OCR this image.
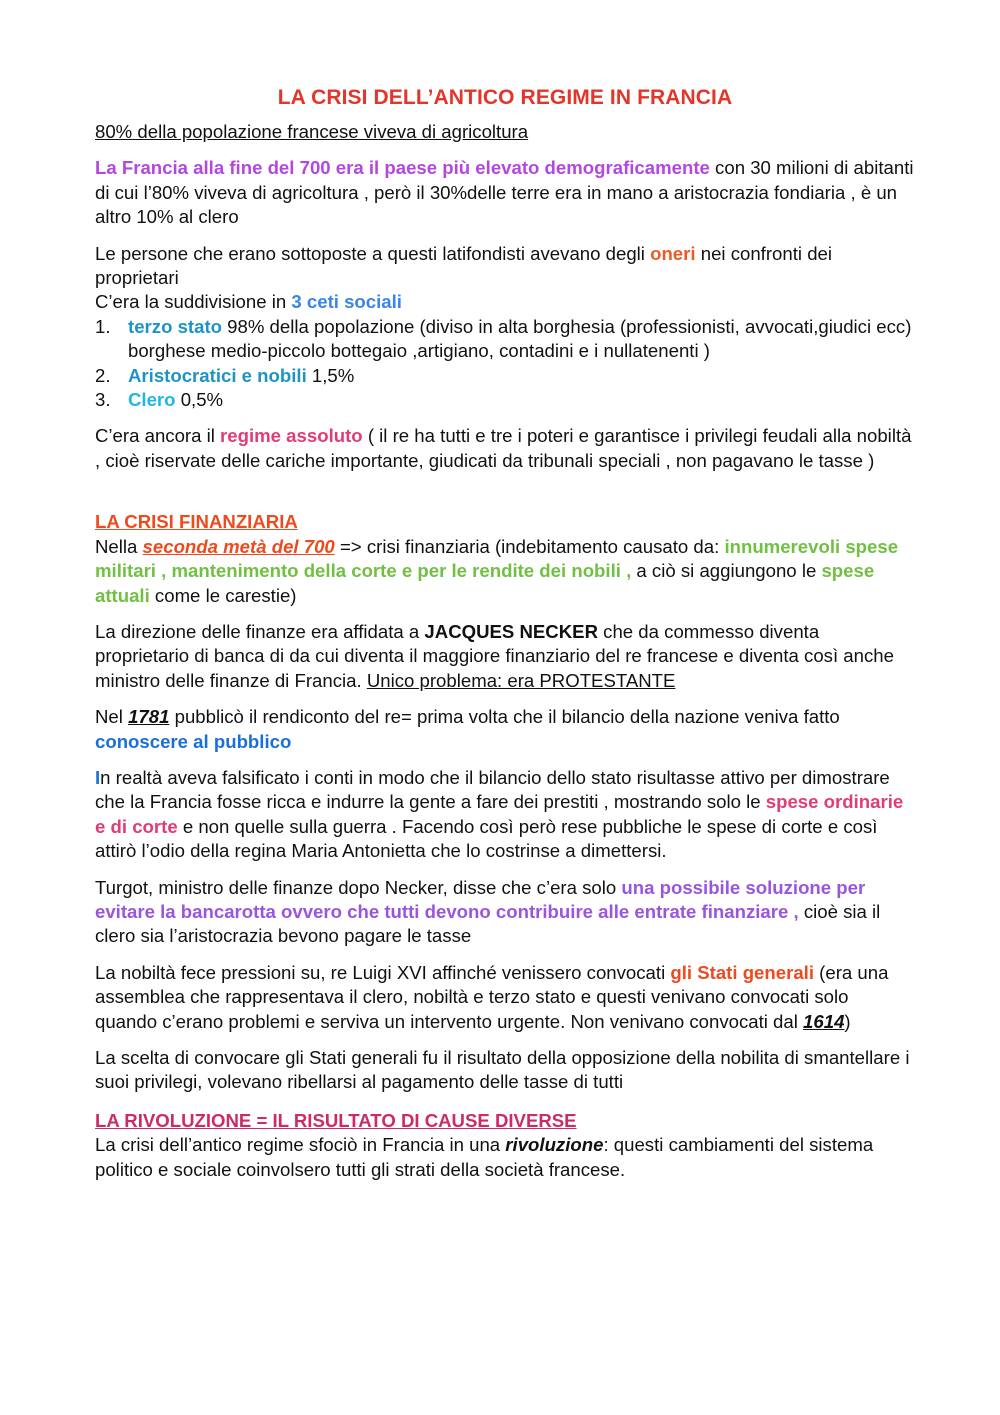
LA CRISI DELL’ANTICO REGIME IN FRANCIA

80% della popolazione francese viveva di agricoltura

La Francia alla fine del 700 era il paese più elevato demograficamente con 30 milioni di abitanti di cui l’80% viveva di agricoltura , però il 30%delle terre era in mano a aristocrazia fondiaria , è un altro 10% al clero

Le persone che erano sottoposte a questi latifondisti avevano degli oneri nei confronti dei proprietari
C’era la suddivisione in 3 ceti sociali

1. terzo stato 98% della popolazione (diviso in alta borghesia (professionisti, avvocati,giudici ecc) borghese medio-piccolo bottegaio ,artigiano, contadini e i nullatenenti )
2. Aristocratici e nobili 1,5%
3. Clero 0,5%

C’era ancora il regime assoluto ( il re ha tutti e tre i poteri e garantisce i privilegi feudali alla nobiltà , cioè riservate delle cariche importante, giudicati da tribunali speciali , non pagavano le tasse )

LA CRISI FINANZIARIA

Nella seconda metà del 700 => crisi finanziaria (indebitamento causato da: innumerevoli spese militari , mantenimento della corte e per le rendite dei nobili , a ciò si aggiungono le spese attuali come le carestie)

La direzione delle finanze era affidata a JACQUES NECKER che da commesso diventa proprietario di banca di da cui diventa il maggiore finanziario del re francese e diventa così anche ministro delle finanze di Francia. Unico problema: era PROTESTANTE

Nel 1781 pubblicò il rendiconto del re= prima volta che il bilancio della nazione veniva fatto conoscere al pubblico

In realtà aveva falsificato i conti in modo che il bilancio dello stato risultasse attivo per dimostrare che la Francia fosse ricca e indurre la gente a fare dei prestiti , mostrando solo le spese ordinarie e di corte e non quelle sulla guerra . Facendo così però rese pubbliche le spese di corte e così attirò l’odio della regina Maria Antonietta che lo costrinse a dimettersi.

Turgot, ministro delle finanze dopo Necker, disse che c’era solo una possibile soluzione per evitare la bancarotta ovvero che tutti devono contribuire alle entrate finanziare , cioè sia il clero sia l’aristocrazia bevono pagare le tasse

La nobiltà fece pressioni su, re Luigi XVI affinché venissero convocati gli Stati generali (era una assemblea che rappresentava il clero, nobiltà e terzo stato e questi venivano convocati solo quando c’erano problemi e serviva un intervento urgente. Non venivano convocati dal 1614)

La scelta di convocare gli Stati generali fu il risultato della opposizione della nobilita di smantellare i suoi privilegi, volevano ribellarsi al pagamento delle tasse di tutti

LA RIVOLUZIONE = IL RISULTATO DI CAUSE DIVERSE

La crisi dell’antico regime sfociò in Francia in una rivoluzione: questi cambiamenti del sistema politico e sociale coinvolsero tutti gli strati della società francese.
